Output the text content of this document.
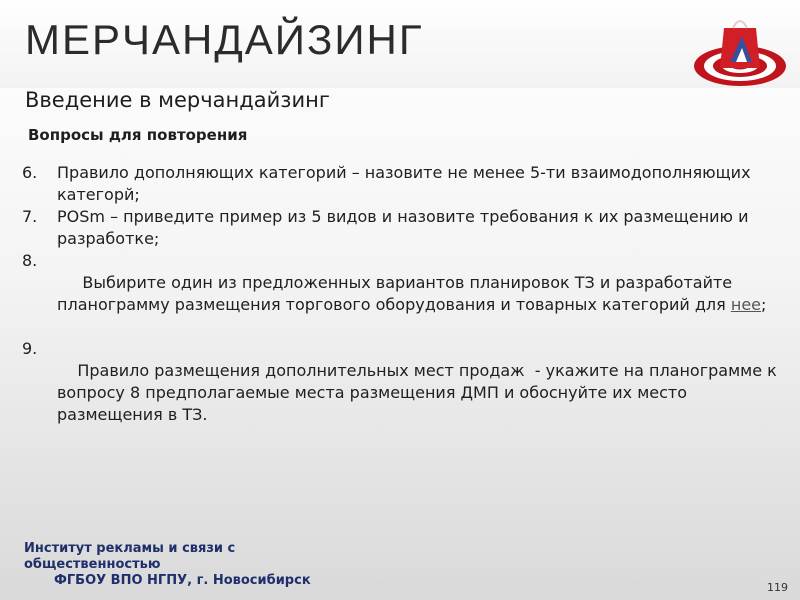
МЕРЧАНДАЙЗИНГ
Введение в мерчандайзинг
Вопросы для повторения
6. Правило дополняющих категорий – назовите не менее 5-ти взаимодополняющих категорй;
7. POSm – приведите пример из 5 видов и назовите требования к их размещению и разработке;

8.
Выбирите один из предложенных вариантов планировок ТЗ и разработайте планограмму размещения торгового оборудования и товарных категорий для нее;

9.
Правило размещения дополнительных мест продаж  - укажите на планограмме к вопросу 8 предполагаемые места размещения ДМП и обоснуйте их место размещения в ТЗ.

Институт рекламы и связи с
общественностью
ФГБОУ ВПО НГПУ, г. Новосибирск	119
